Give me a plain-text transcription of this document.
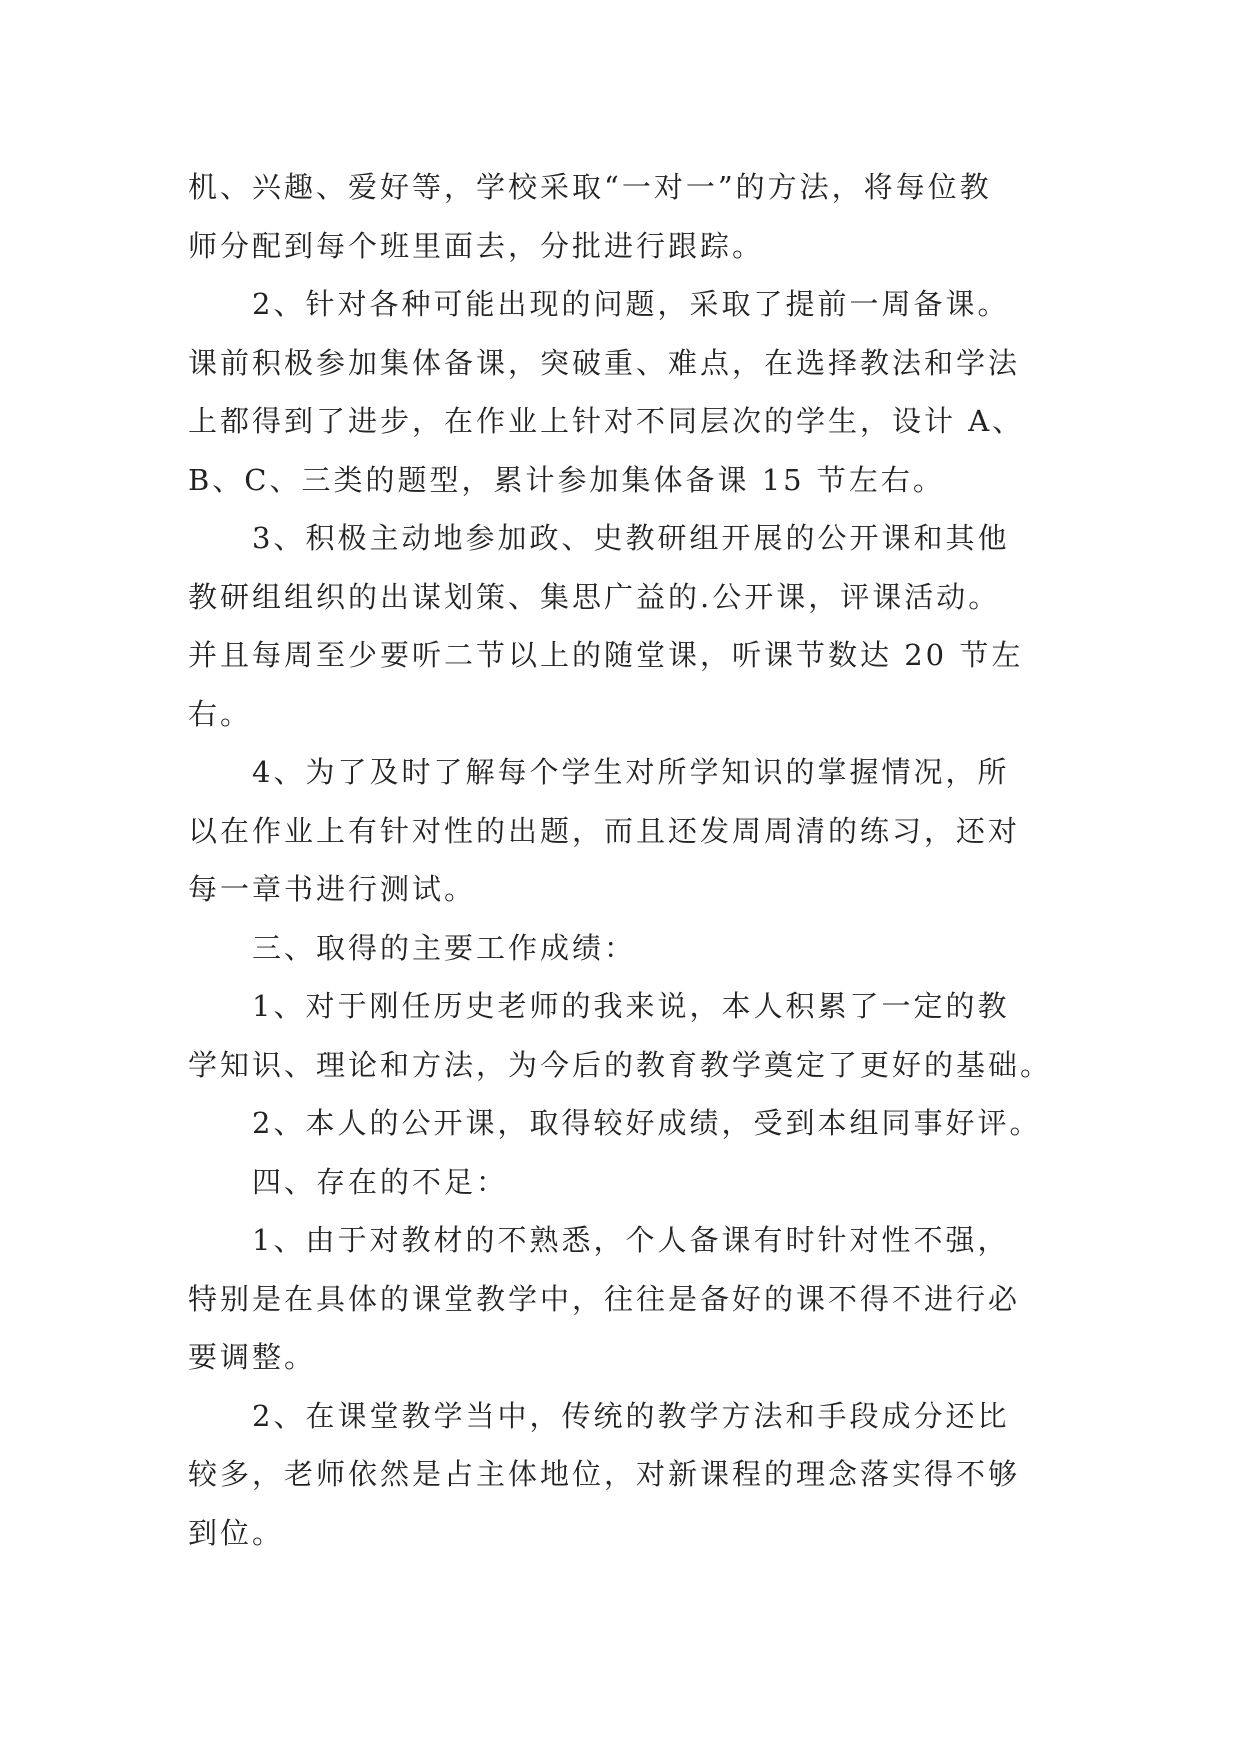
机、兴趣、爱好等，学校采取“一对一”的方法，将每位教
师分配到每个班里面去，分批进行跟踪。
2、针对各种可能出现的问题，采取了提前一周备课。
课前积极参加集体备课，突破重、难点，在选择教法和学法
上都得到了进步，在作业上针对不同层次的学生，设计 A、
B、C、三类的题型，累计参加集体备课 15 节左右。
3、积极主动地参加政、史教研组开展的公开课和其他
教研组组织的出谋划策、集思广益的.公开课，评课活动。
并且每周至少要听二节以上的随堂课，听课节数达 20 节左
右。
4、为了及时了解每个学生对所学知识的掌握情况，所
以在作业上有针对性的出题，而且还发周周清的练习，还对
每一章书进行测试。
三、取得的主要工作成绩：
1、对于刚任历史老师的我来说，本人积累了一定的教
学知识、理论和方法，为今后的教育教学奠定了更好的基础。
2、本人的公开课，取得较好成绩，受到本组同事好评。
四、存在的不足：
1、由于对教材的不熟悉，个人备课有时针对性不强，
特别是在具体的课堂教学中，往往是备好的课不得不进行必
要调整。
2、在课堂教学当中，传统的教学方法和手段成分还比
较多，老师依然是占主体地位，对新课程的理念落实得不够
到位。
